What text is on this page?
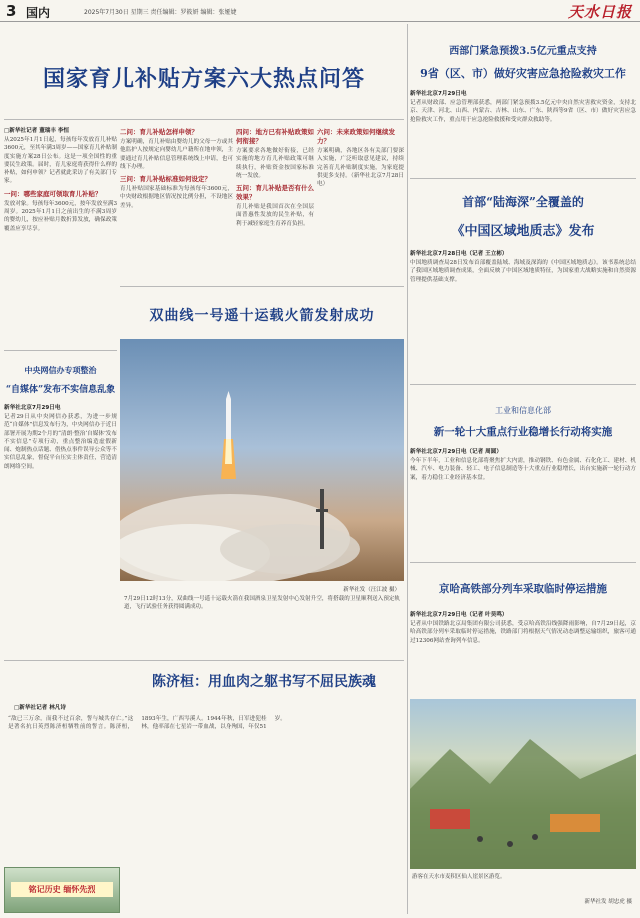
3 国内	2025年7月30日 星期三 责任编辑：罗筱妍 编辑：张娅婕	天水日报
国家育儿补贴方案六大热点问答
□新华社记者 董瑞丰 李恒
从2025年1月1日起，每孩每年发放育儿补贴3600元，至其年满3周岁——国家育儿补贴制度实施方案28日公布。这是一项全国性的重要民生政策。届时，育儿家庭将获得什么样的补贴，如何申领？记者就此采访了有关部门专家。
一问：哪些家庭可领取育儿补贴？
发放对象。每孩每年3600元，按年发放至满3周岁。2025年1月1日之前出生的不满3周岁的婴幼儿，按应补贴月数折算发放，确保政策覆盖应享尽享。
二问：育儿补贴怎样申领？
方案明确，育儿补贴由婴幼儿的父母一方或其他监护人按规定向婴幼儿户籍所在地申领，主要通过育儿补贴信息管理系统线上申请，也可线下办理。
三问：育儿补贴标准如何设定？
育儿补贴国家基础标准为每孩每年3600元，中央财政根据地区情况按比例分担，不设地区差异。
四问：地方已有补贴政策如何衔接？
方案要求各地做好衔接，已经实施的地方育儿补贴政策可继续执行，补贴资金按国家标准统一发放。
五问：育儿补贴是否有什么效果？
育儿补贴是我国首次在全国层面普惠性发放的民生补贴，有利于减轻家庭生育养育负担。
六问：未来政策如何继续发力？
方案明确，各地区各有关部门要深入实施，广泛听取意见建议，持续完善育儿补贴制度实施，为家庭提供更多支持。（新华社北京7月28日电）
中央网信办专项整治
“自媒体”发布不实信息乱象
新华社北京7月29日电
记者29日从中央网信办获悉，为进一步规范“自媒体”信息发布行为，中央网信办于近日部署开展为期2个月的“清朗·整治‘自媒体’发布不实信息”专项行动，重点整治编造虚假新闻、炮制热点话题、借热点事件误导公众等不实信息乱象，督促平台压实主体责任，营造清朗网络空间。
双曲线一号遥十运载火箭发射成功
新华社发（汪江波 摄）
7月29日12时13分，双曲线一号遥十运载火箭在我国酒泉卫星发射中心发射升空，将搭载的卫星顺利送入预定轨道，飞行试验任务获得圆满成功。
陈济桓：用血肉之躯书写不屈民族魂
□新华社记者 林凡诗
“敌已三万余，而我不过百余，誓与城共存亡。”这是著名抗日英烈陈济桓牺牲前的誓言。陈济桓，1893年生，广西岑溪人。1944年秋，日军进犯桂林，他率部在七星岩一带血战，以身殉国，年仅51岁。
铭记历史 缅怀先烈
西部门紧急预拨3.5亿元重点支持
9省（区、市）做好灾害应急抢险救灾工作
新华社北京7月29日电
记者从财政部、应急管理部获悉，两部门紧急预拨3.5亿元中央自然灾害救灾资金，支持北京、天津、河北、山西、内蒙古、吉林、山东、广东、陕西等9省（区、市）做好灾害应急抢险救灾工作，重点用于应急抢险救援和受灾群众救助等。
首部“陆海深”全覆盖的
《中国区域地质志》发布
新华社北京7月28日电（记者 王立彬）
中国地质调查局28日发布首部覆盖陆域、海域及深海的《中国区域地质志》。该书系统总结了我国区域地质调查成果，全面反映了中国区域地质特征，为国家重大战略实施和自然资源管理提供基础支撑。
工业和信息化部
新一轮十大重点行业稳增长行动将实施
新华社北京7月29日电（记者 周圆）
今年下半年，工业和信息化部将聚焦扩大内需，推动钢铁、有色金属、石化化工、建材、机械、汽车、电力装备、轻工、电子信息制造等十大重点行业稳增长，出台实施新一轮行动方案，着力稳住工业经济基本盘。
京哈高铁部分列车采取临时停运措施
新华社北京7月29日电（记者 叶昊鸣）
记者从中国铁路北京局集团有限公司获悉，受京哈高铁沿线强降雨影响，自7月29日起，京哈高铁部分列车采取临时停运措施，铁路部门将根据天气情况动态调整运输组织，旅客可通过12306网站查询列车信息。
游客在天水市麦积区仙人崖景区游览。
新华社发 胡忠虎 摄
